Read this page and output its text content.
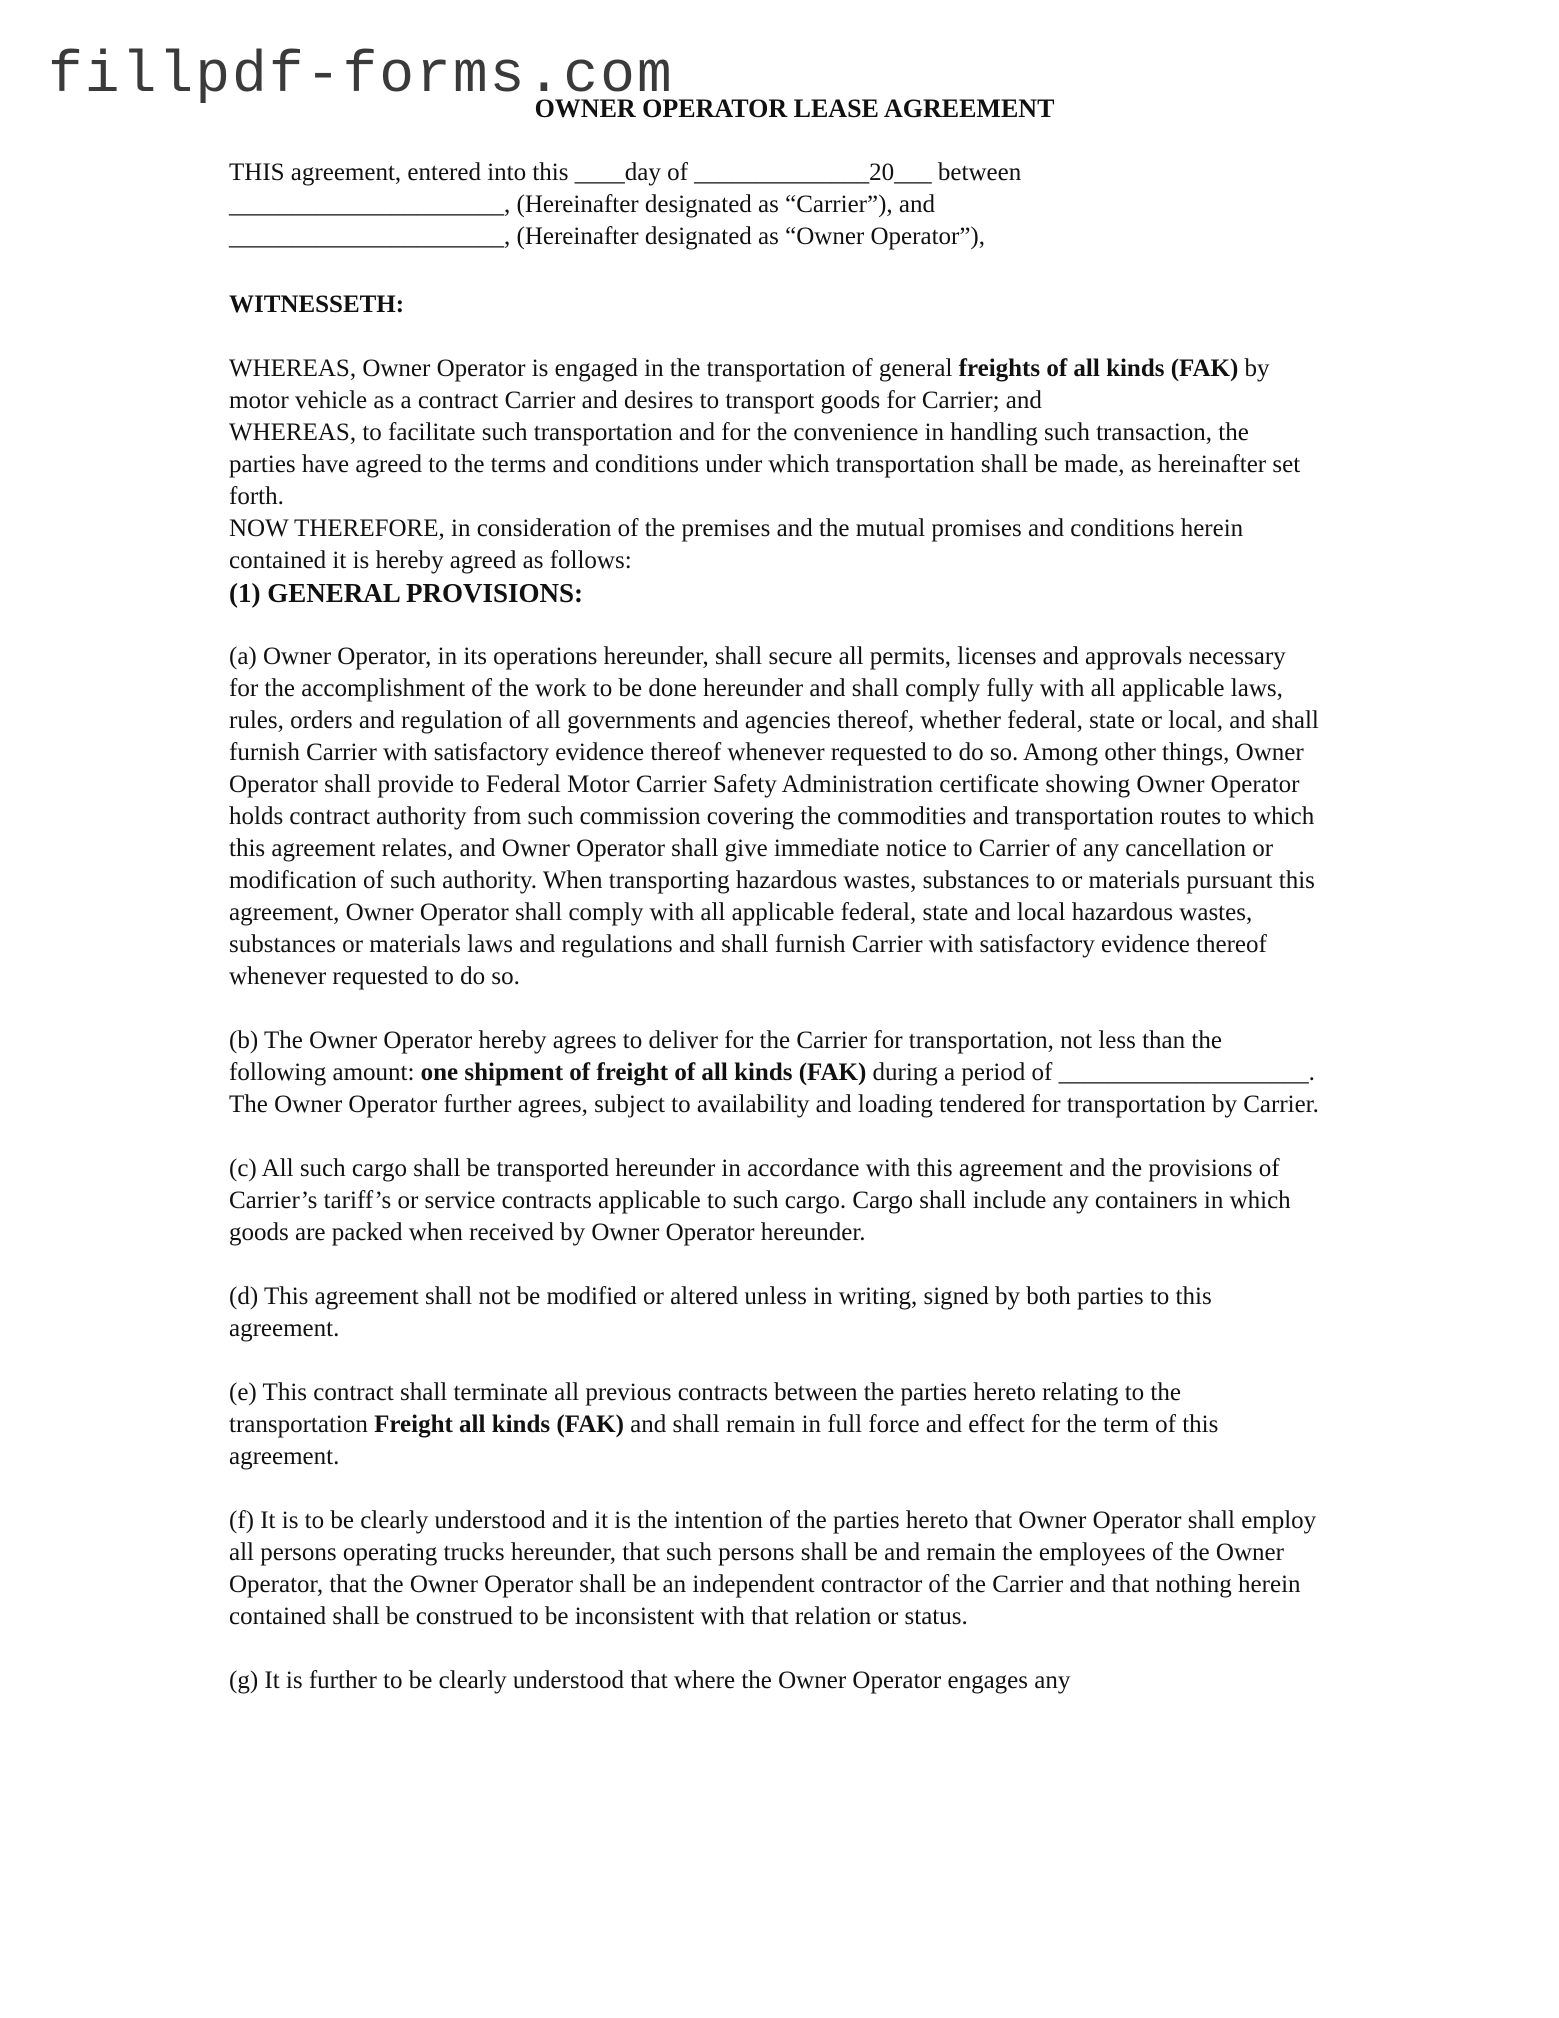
fillpdf-forms.com
OWNER OPERATOR LEASE AGREEMENT

THIS agreement, entered into this ____day of ______________20___ between

______________________, (Hereinafter designated as “Carrier”), and

______________________, (Hereinafter designated as “Owner Operator”),

WITNESSETH:

WHEREAS, Owner Operator is engaged in the transportation of general freights of all kinds (FAK) by motor vehicle as a contract Carrier and desires to transport goods for Carrier; and

WHEREAS, to facilitate such transportation and for the convenience in handling such transaction, the parties have agreed to the terms and conditions under which transportation shall be made, as hereinafter set forth.

NOW THEREFORE, in consideration of the premises and the mutual promises and conditions herein contained it is hereby agreed as follows:

(1) GENERAL PROVISIONS:

(a) Owner Operator, in its operations hereunder, shall secure all permits, licenses and approvals necessary for the accomplishment of the work to be done hereunder and shall comply fully with all applicable laws, rules, orders and regulation of all governments and agencies thereof, whether federal, state or local, and shall furnish Carrier with satisfactory evidence thereof whenever requested to do so. Among other things, Owner Operator shall provide to Federal Motor Carrier Safety Administration certificate showing Owner Operator holds contract authority from such commission covering the commodities and transportation routes to which this agreement relates, and Owner Operator shall give immediate notice to Carrier of any cancellation or modification of such authority. When transporting hazardous wastes, substances to or materials pursuant this agreement, Owner Operator shall comply with all applicable federal, state and local hazardous wastes, substances or materials laws and regulations and shall furnish Carrier with satisfactory evidence thereof whenever requested to do so.

(b) The Owner Operator hereby agrees to deliver for the Carrier for transportation, not less than the following amount: one shipment of freight of all kinds (FAK) during a period of ____________________. The Owner Operator further agrees, subject to availability and loading tendered for transportation by Carrier.

(c) All such cargo shall be transported hereunder in accordance with this agreement and the provisions of Carrier’s tariff’s or service contracts applicable to such cargo. Cargo shall include any containers in which goods are packed when received by Owner Operator hereunder.

(d) This agreement shall not be modified or altered unless in writing, signed by both parties to this agreement.

(e) This contract shall terminate all previous contracts between the parties hereto relating to the transportation Freight all kinds (FAK) and shall remain in full force and effect for the term of this agreement.

(f) It is to be clearly understood and it is the intention of the parties hereto that Owner Operator shall employ all persons operating trucks hereunder, that such persons shall be and remain the employees of the Owner Operator, that the Owner Operator shall be an independent contractor of the Carrier and that nothing herein contained shall be construed to be inconsistent with that relation or status.

(g) It is further to be clearly understood that where the Owner Operator engages any
